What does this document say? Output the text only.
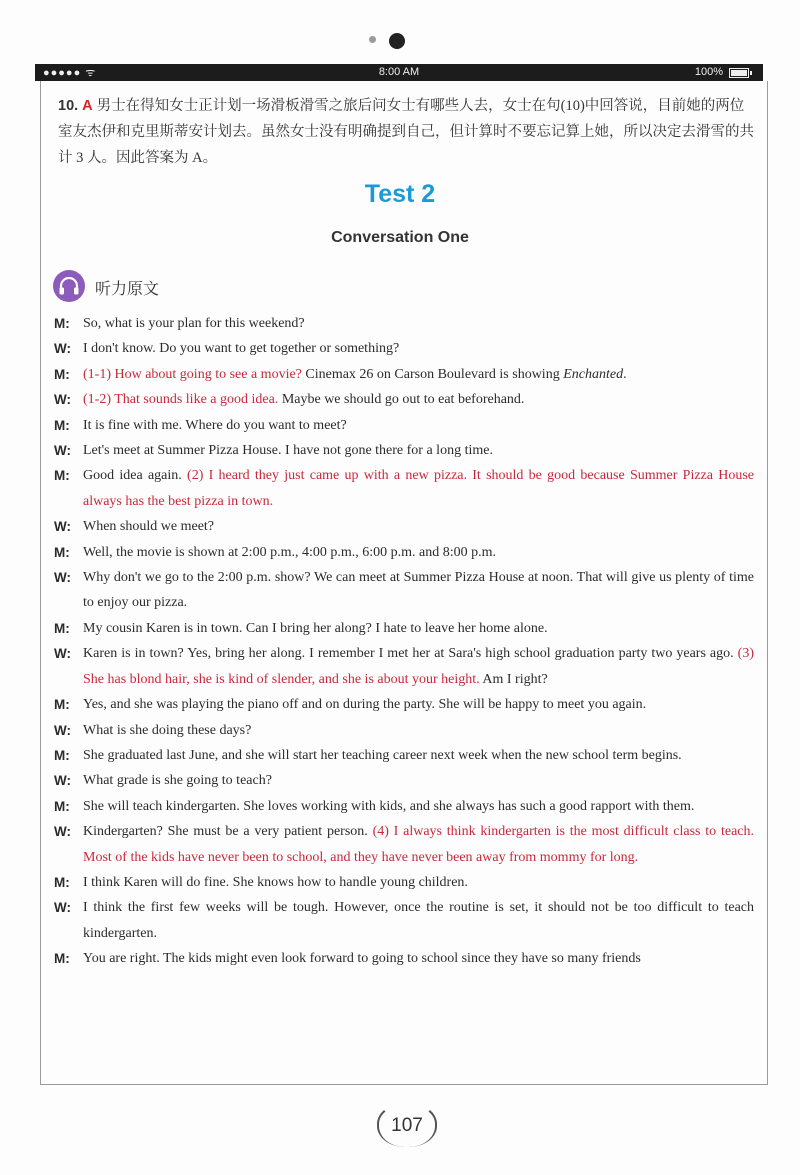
●●●●● ᯤ	8:00 AM	100%
10. A 男士在得知女士正计划一场滑板滑雪之旅后问女士有哪些人去，女士在句(10)中回答说，目前她的两位室友杰伊和克里斯蒂安计划去。虽然女士没有明确提到自己，但计算时不要忘记算上她，所以决定去滑雪的共计 3 人。因此答案为 A。
Test 2
Conversation One
听力原文
M: So, what is your plan for this weekend?
W: I don't know. Do you want to get together or something?
M: (1-1) How about going to see a movie? Cinemax 26 on Carson Boulevard is showing Enchanted.
W: (1-2) That sounds like a good idea. Maybe we should go out to eat beforehand.
M: It is fine with me. Where do you want to meet?
W: Let's meet at Summer Pizza House. I have not gone there for a long time.
M: Good idea again. (2) I heard they just came up with a new pizza. It should be good because Summer Pizza House always has the best pizza in town.
W: When should we meet?
M: Well, the movie is shown at 2:00 p.m., 4:00 p.m., 6:00 p.m. and 8:00 p.m.
W: Why don't we go to the 2:00 p.m. show? We can meet at Summer Pizza House at noon. That will give us plenty of time to enjoy our pizza.
M: My cousin Karen is in town. Can I bring her along? I hate to leave her home alone.
W: Karen is in town? Yes, bring her along. I remember I met her at Sara's high school graduation party two years ago. (3) She has blond hair, she is kind of slender, and she is about your height. Am I right?
M: Yes, and she was playing the piano off and on during the party. She will be happy to meet you again.
W: What is she doing these days?
M: She graduated last June, and she will start her teaching career next week when the new school term begins.
W: What grade is she going to teach?
M: She will teach kindergarten. She loves working with kids, and she always has such a good rapport with them.
W: Kindergarten? She must be a very patient person. (4) I always think kindergarten is the most difficult class to teach. Most of the kids have never been to school, and they have never been away from mommy for long.
M: I think Karen will do fine. She knows how to handle young children.
W: I think the first few weeks will be tough. However, once the routine is set, it should not be too difficult to teach kindergarten.
M: You are right. The kids might even look forward to going to school since they have so many friends
107
